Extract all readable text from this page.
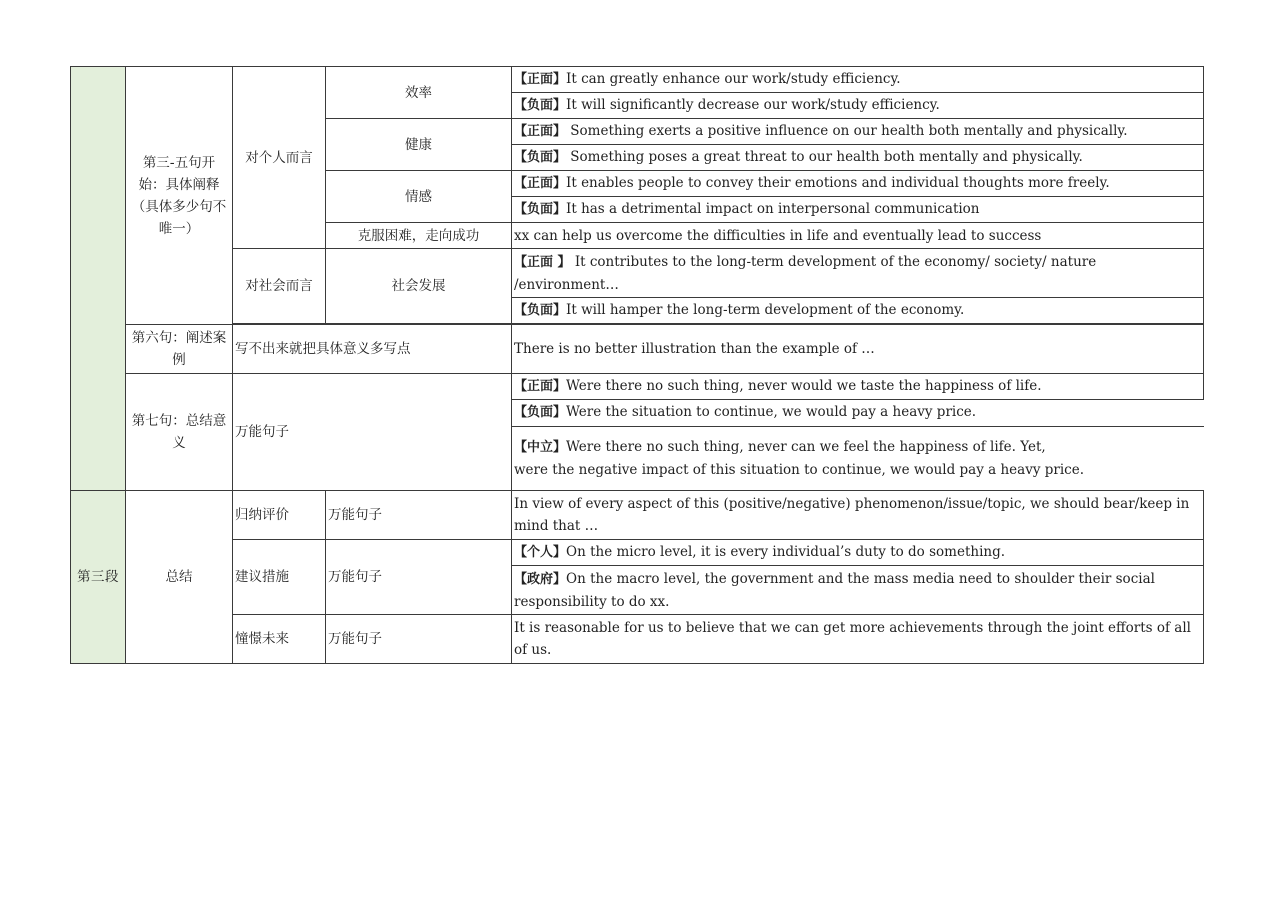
	第三-五句开始：具体阐释（具体多少句不唯一）	对个人而言	效率	【正面】It can greatly enhance our work/study efficiency.
【负面】It will significantly decrease our work/study efficiency.
健康	【正面】 Something exerts a positive influence on our health both mentally and physically.
【负面】 Something poses a great threat to our health both mentally and physically.
情感	【正面】It enables people to convey their emotions and individual thoughts more freely.
【负面】It has a detrimental impact on interpersonal communication
克服困难，走向成功	xx can help us overcome the difficulties in life and eventually lead to success
对社会而言	社会发展	【正面 】 It contributes to the long-term development of the economy/ society/ nature /environment…
【负面】It will hamper the long-term development of the economy.

第六句：阐述案例	写不出来就把具体意义多写点	There is no better illustration than the example of …
第七句：总结意义	万能句子	【正面】Were there no such thing, never would we taste the happiness of life.

【负面】Were the situation to continue, we would pay a heavy price.
【中立】Were there no such thing, never can we feel the happiness of life. Yet,
were the negative impact of this situation to continue, we would pay a heavy price.

第三段	总结	归纳评价	万能句子	In view of every aspect of this (positive/negative) phenomenon/issue/topic, we should bear/keep in mind that …
建议措施	万能句子	【个人】On the micro level, it is every individual’s duty to do something.
【政府】On the macro level, the government and the mass media need to shoulder their social responsibility to do xx.
憧憬未来	万能句子	It is reasonable for us to believe that we can get more achievements through the joint efforts of all of us.
